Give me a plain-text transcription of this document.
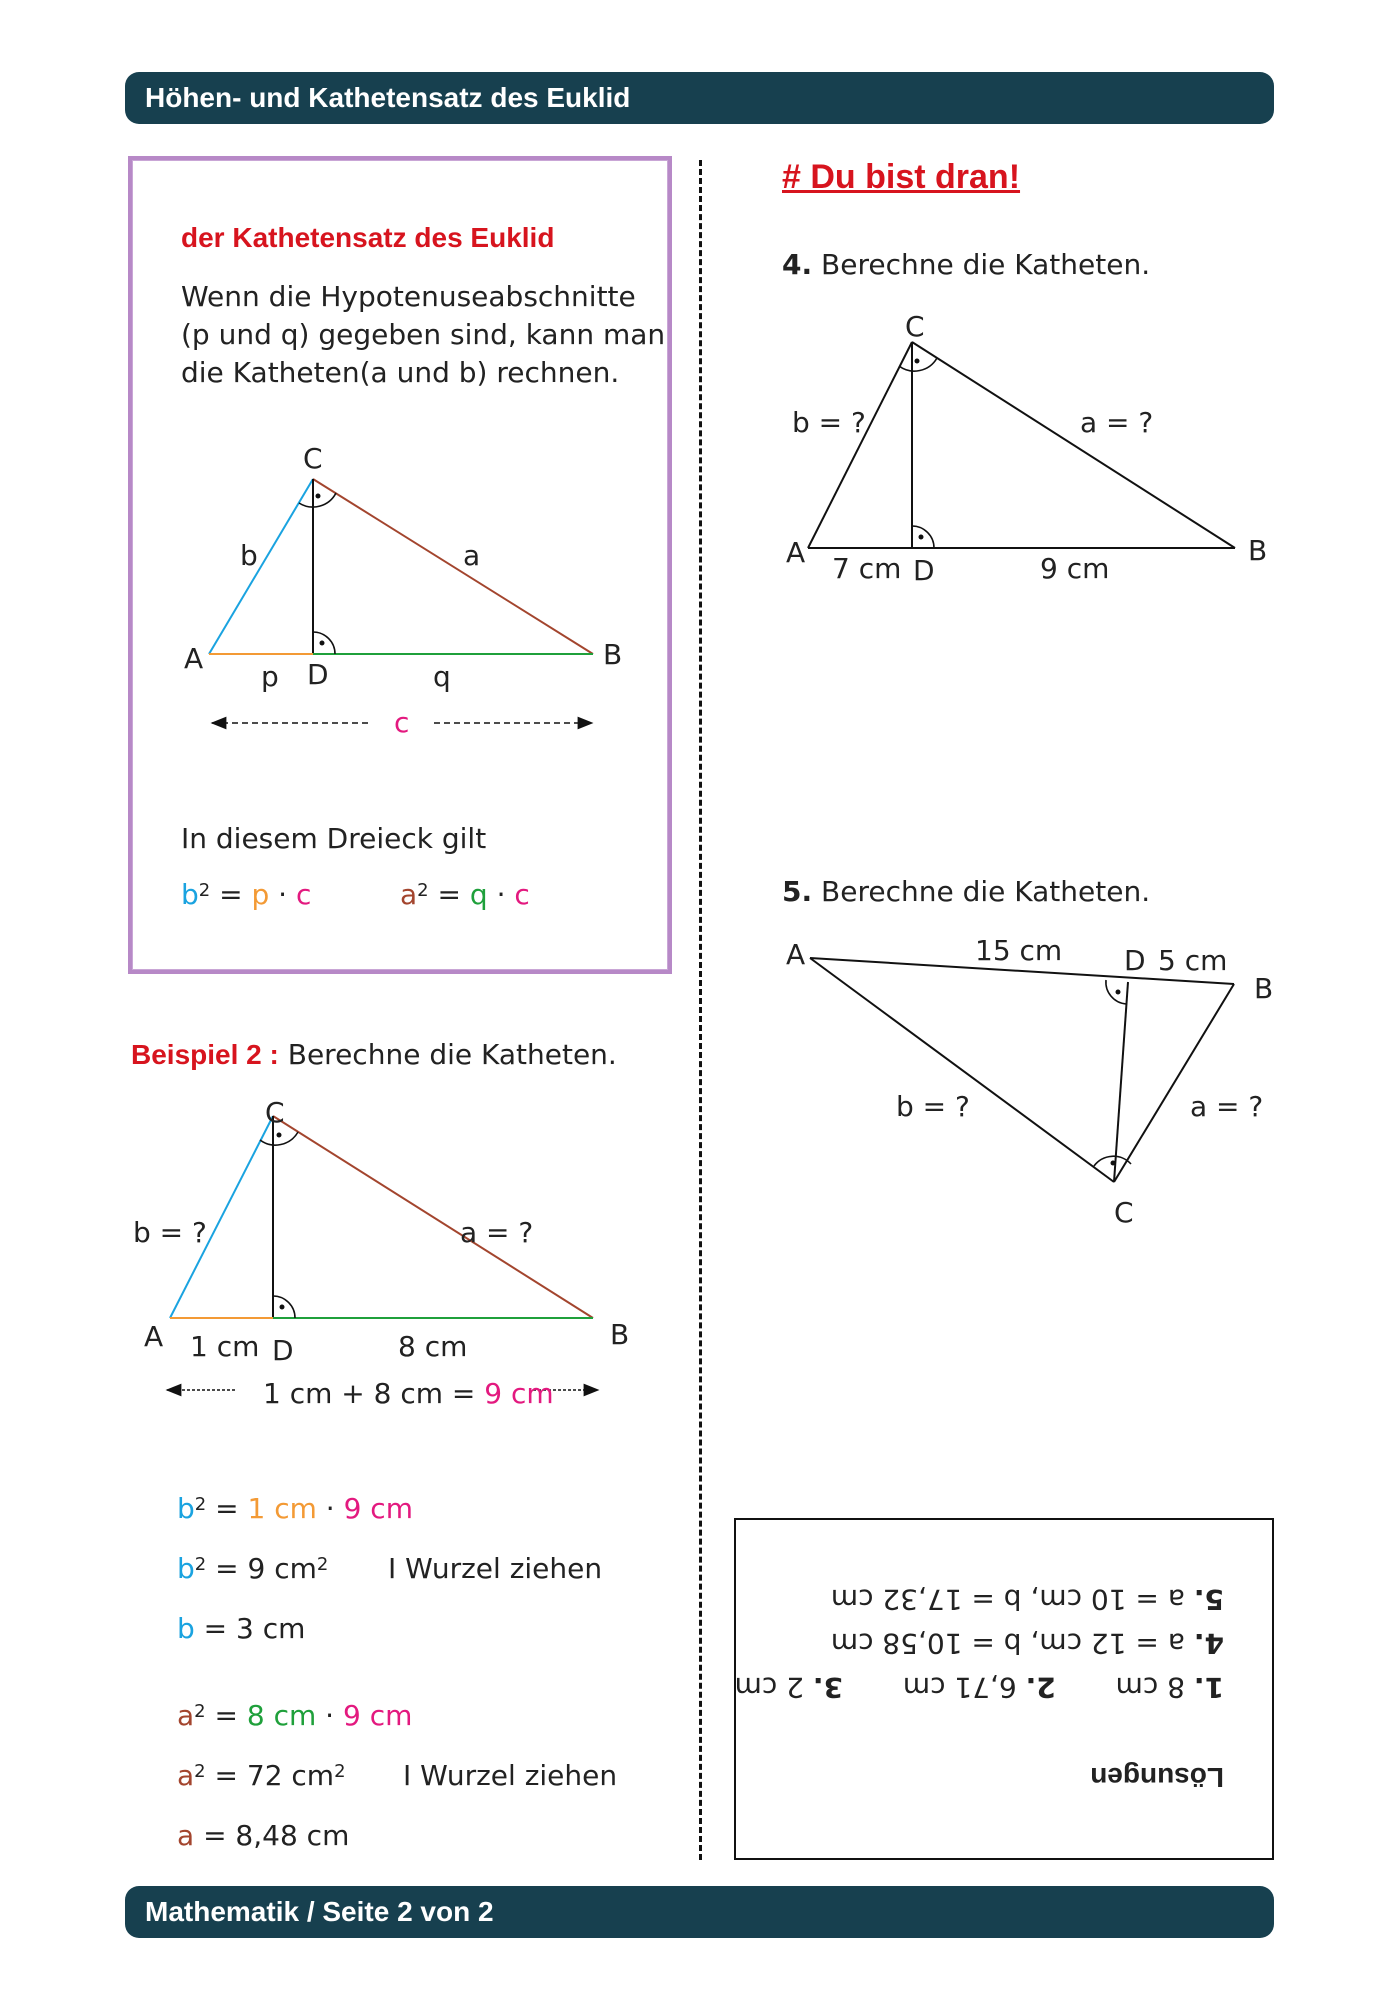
Höhen- und Kathetensatz des Euklid
der Kathetensatz des Euklid
Wenn die Hypotenuseabschnitte
(p und q) gegeben sind, kann man
die Katheten(a und b) rechnen.
C
b	a
A	B
p D	q
c
In diesem Dreieck gilt
$b^2 = p \cdot c$	$a^2 = q \cdot c$
Beispiel 2 : Berechne die Katheten.
C
b = ?	a = ?
A	B
1 cm D	8 cm
1 cm + 8 cm = 9 cm
$b^2 = 1$ cm · 9 cm
$b^2 = 9$ $cm^2$ I Wurzel ziehen
b = 3 cm
$a^2 = 8$ cm · 9 cm
$a^2 = 72$ $cm^2$ I Wurzel ziehen
a = 8,48 cm
# Du bist dran!
4. Berechne die Katheten.
C
b = ?	a = ?
A	B
7 cm D	9 cm
5. Berechne die Katheten.
A	15 cm D 5 cm
B
b = ?	a = ?
C
Lösungen
1. 8 cm  2. 6,71 cm  3. 2 cm
4. a = 12 cm, b = 10,58 cm
5. a = 10 cm, b = 17,32 cm
Mathematik / Seite 2 von 2
